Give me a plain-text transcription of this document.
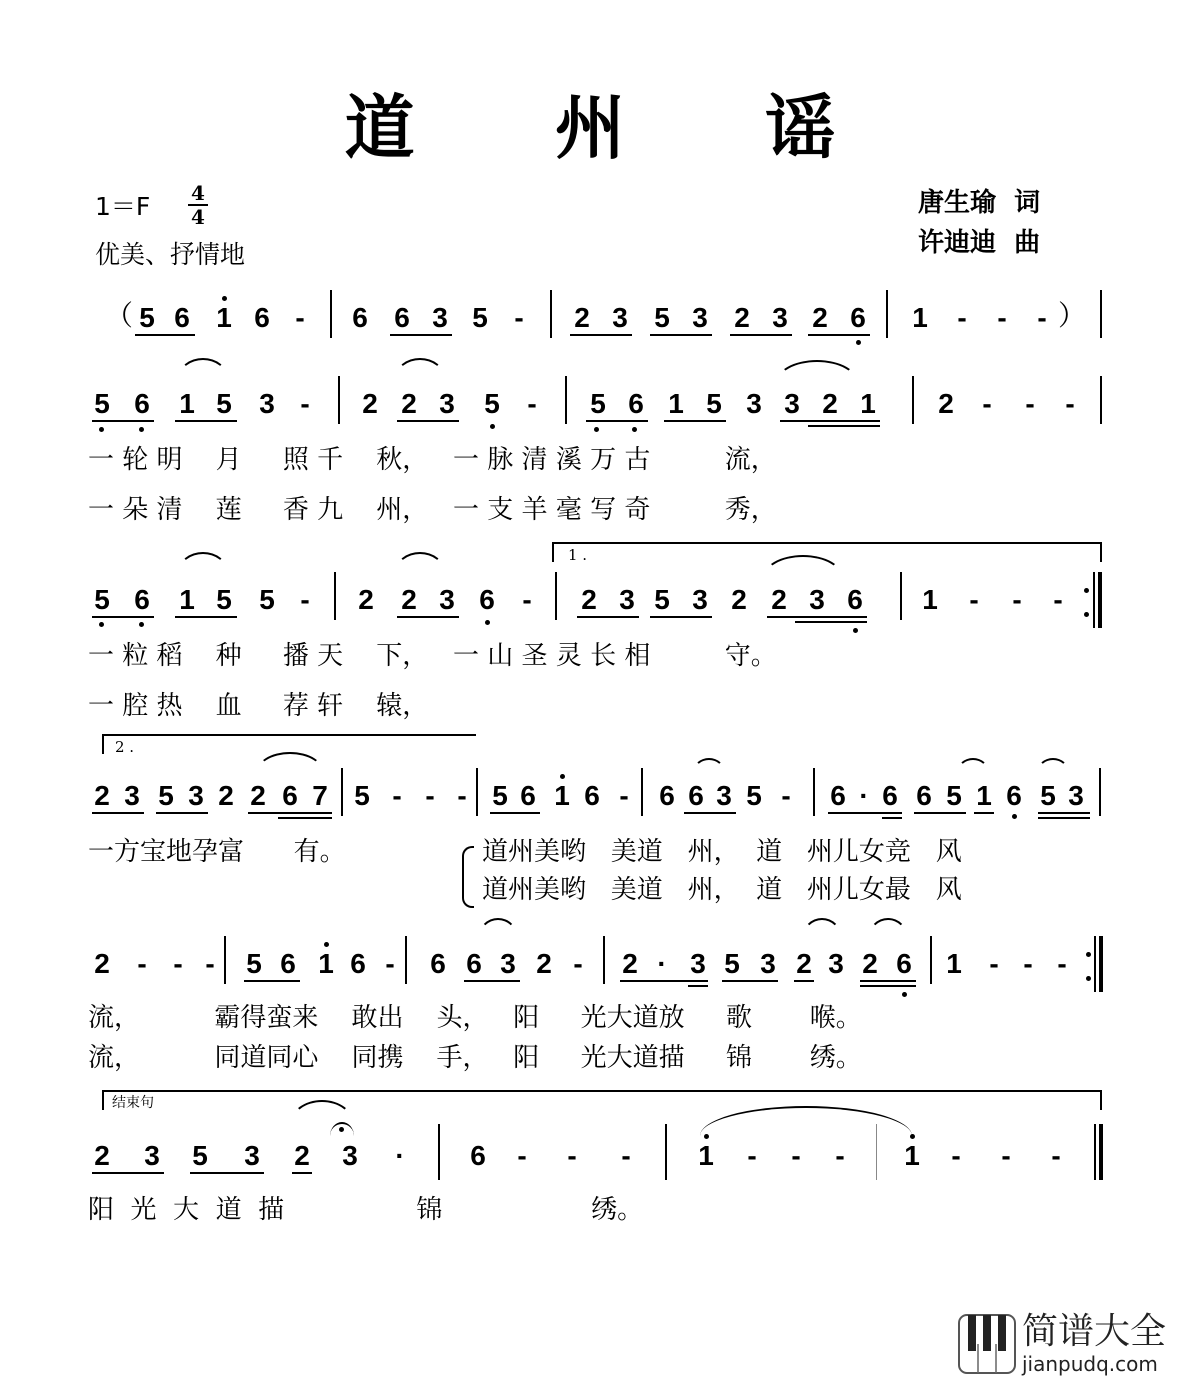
道 州 谣
1＝F 4
4
优美、抒情地
唐生瑜  词
许迪迪  曲
（ 5 6 1 6 - 6 6 3 5 - 2 3 5 3 2 3 2 6 1 - - - ）
5 6 1 5 3 - 2 2 3 5 - 5 6 1 5 3 3 2 1 2 - - -
一 轮 明    月     照 千    秋，   一 脉 清 溪 万 古         流，
一 朵 清    莲     香 九    州，   一 支 羊 毫 写 奇         秀，
1 .
5 6 1 5 5 - 2 2 3 6 - 2 3 5 3 2 2 3 6 1 - - -
一 粒 稻    种     播 天    下，   一 山 圣 灵 长 相         守。
一 腔 热    血     荐 轩    辕，
2 .
2 3 5 3 2 2 6 7 5 - - - 5 6 1 6 - 6 6 3 5 - 6 · 6 6 5 1 6 5 3
一方宝地孕富      有。	道州美哟   美道   州，  道   州儿女竞   风
道州美哟   美道   州，  道   州儿女最   风
2 - - - 5 6 1 6 - 6 6 3 2 - 2 · 3 5 3 2 3 2 6 1 - - -
流，         霸得蛮来    敢出    头，   阳     光大道放     歌       喉。
流，         同道同心    同携    手，   阳     光大道描     锦       绣。
结束句
2 3 5 3 2 3 · 6 - - - 1 - - - 1 - - -
阳  光  大  道  描                锦                  绣。
简谱大全
jianpudq.com
